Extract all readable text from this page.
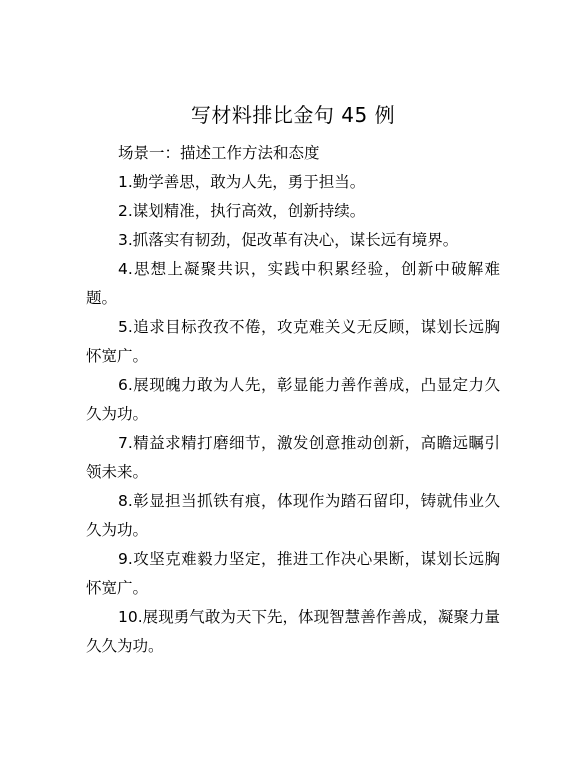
写材料排比金句 45 例

场景一：描述工作方法和态度

1.勤学善思，敢为人先，勇于担当。

2.谋划精准，执行高效，创新持续。

3.抓落实有韧劲，促改革有决心，谋长远有境界。

4.思想上凝聚共识，实践中积累经验，创新中破解难题。

5.追求目标孜孜不倦，攻克难关义无反顾，谋划长远胸怀宽广。

6.展现魄力敢为人先，彰显能力善作善成，凸显定力久久为功。

7.精益求精打磨细节，激发创意推动创新，高瞻远瞩引领未来。

8.彰显担当抓铁有痕，体现作为踏石留印，铸就伟业久久为功。

9.攻坚克难毅力坚定，推进工作决心果断，谋划长远胸怀宽广。

10.展现勇气敢为天下先，体现智慧善作善成，凝聚力量久久为功。
